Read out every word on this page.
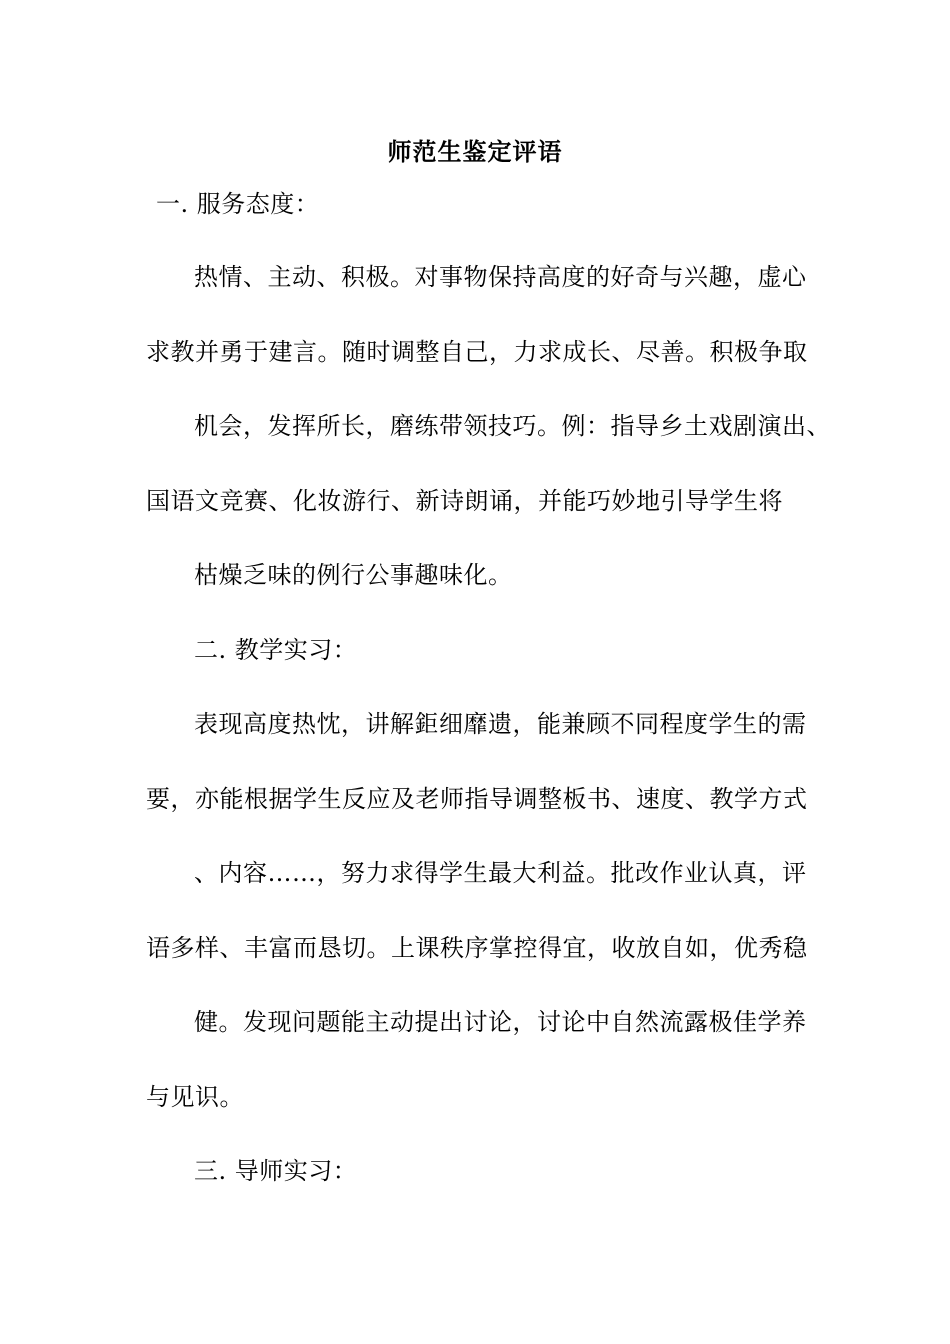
师范生鉴定评语
一. 服务态度：
热情、主动、积极。对事物保持高度的好奇与兴趣，虚心
求教并勇于建言。随时调整自己，力求成长、尽善。积极争取
机会，发挥所长，磨练带领技巧。例：指导乡土戏剧演出、
国语文竞赛、化妆游行、新诗朗诵，并能巧妙地引导学生将
枯燥乏味的例行公事趣味化。
二. 教学实习：
表现高度热忱，讲解鉅细靡遗，能兼顾不同程度学生的需
要，亦能根据学生反应及老师指导调整板书、速度、教学方式
、内容……，努力求得学生最大利益。批改作业认真，评
语多样、丰富而恳切。上课秩序掌控得宜，收放自如，优秀稳
健。发现问题能主动提出讨论，讨论中自然流露极佳学养
与见识。
三. 导师实习：
